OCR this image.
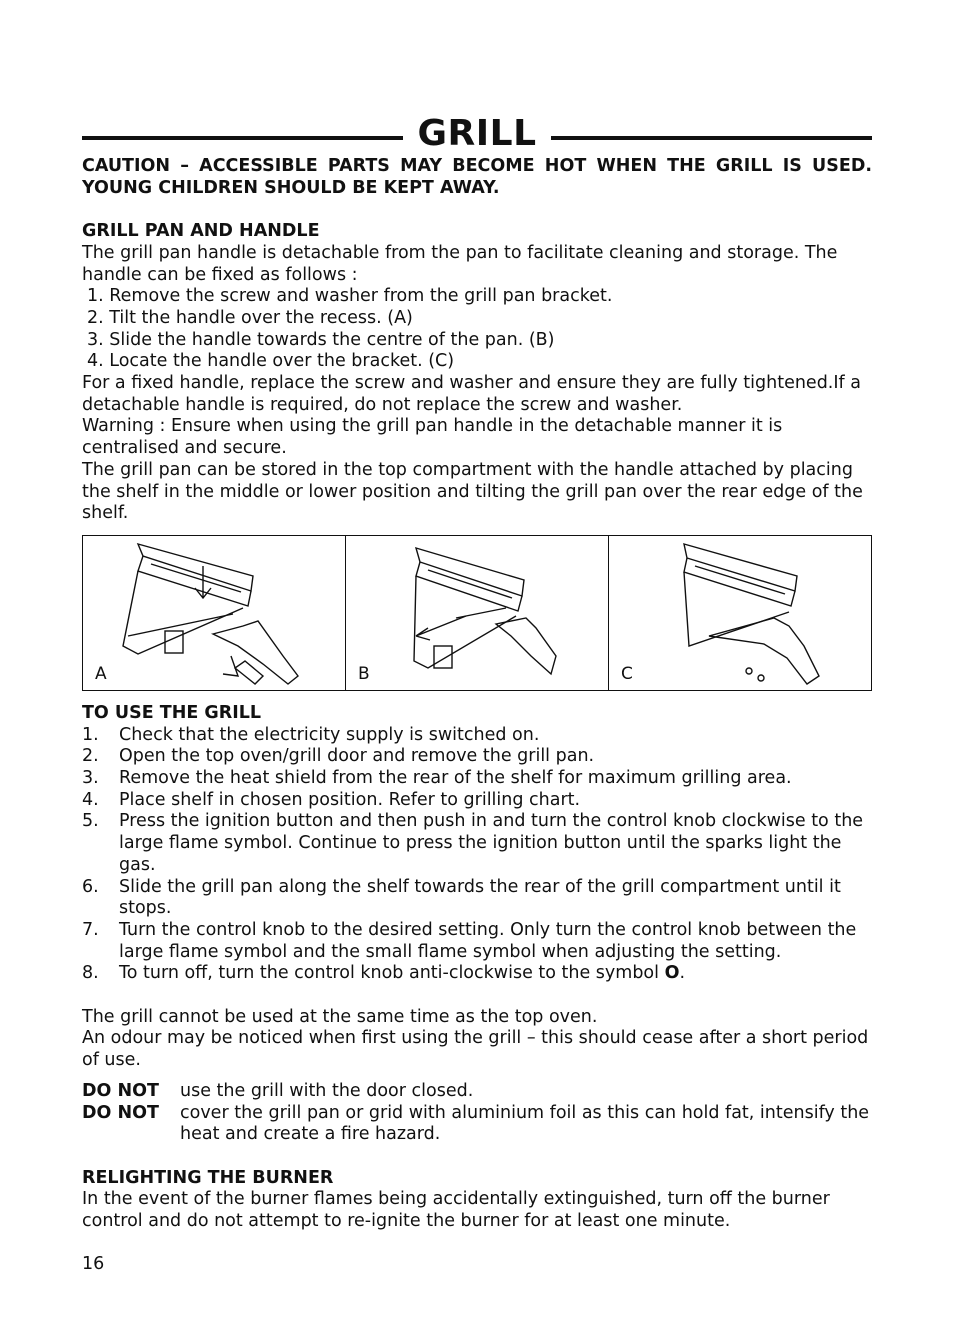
GRILL

CAUTION – ACCESSIBLE PARTS MAY BECOME HOT WHEN THE GRILL IS USED. YOUNG CHILDREN SHOULD BE KEPT AWAY.

GRILL PAN AND HANDLE

The grill pan handle is detachable from the pan to facilitate cleaning and storage. The handle can be fixed as follows :

1. Remove the screw and washer from the grill pan bracket.
2. Tilt the handle over the recess. (A)
3. Slide the handle towards the centre of the pan. (B)
4. Locate the handle over the bracket. (C)

For a fixed handle, replace the screw and washer and ensure they are fully tightened.If a detachable handle is required, do not replace the screw and washer.

Warning : Ensure when using the grill pan handle in the detachable manner it is centralised and secure.

The grill pan can be stored in the top compartment with the handle attached by placing the shelf in the middle or lower position and tilting the grill pan over the rear edge of the shelf.

A	B	C

TO USE THE GRILL

1.	Check that the electricity supply is switched on.
2.	Open the top oven/grill door and remove the grill pan.
3.	Remove the heat shield from the rear of the shelf for maximum grilling area.
4.	Place shelf in chosen position. Refer to grilling chart.
5.	Press the ignition button and then push in and turn the control knob clockwise to the large flame symbol. Continue to press the ignition button until the sparks light the gas.
6.	Slide the grill pan along the shelf towards the rear of the grill compartment until it stops.
7.	Turn the control knob to the desired setting. Only turn the control knob between the large flame symbol and the small flame symbol when adjusting the setting.
8.	To turn off, turn the control knob anti-clockwise to the symbol O.

The grill cannot be used at the same time as the top oven.

An odour may be noticed when first using the grill – this should cease after a short period of use.

DO NOT	use the grill with the door closed.
DO NOT	cover the grill pan or grid with aluminium foil as this can hold fat, intensify the heat and create a fire hazard.

RELIGHTING THE BURNER

In the event of the burner flames being accidentally extinguished, turn off the burner control and do not attempt to re-ignite the burner for at least one minute.

16
